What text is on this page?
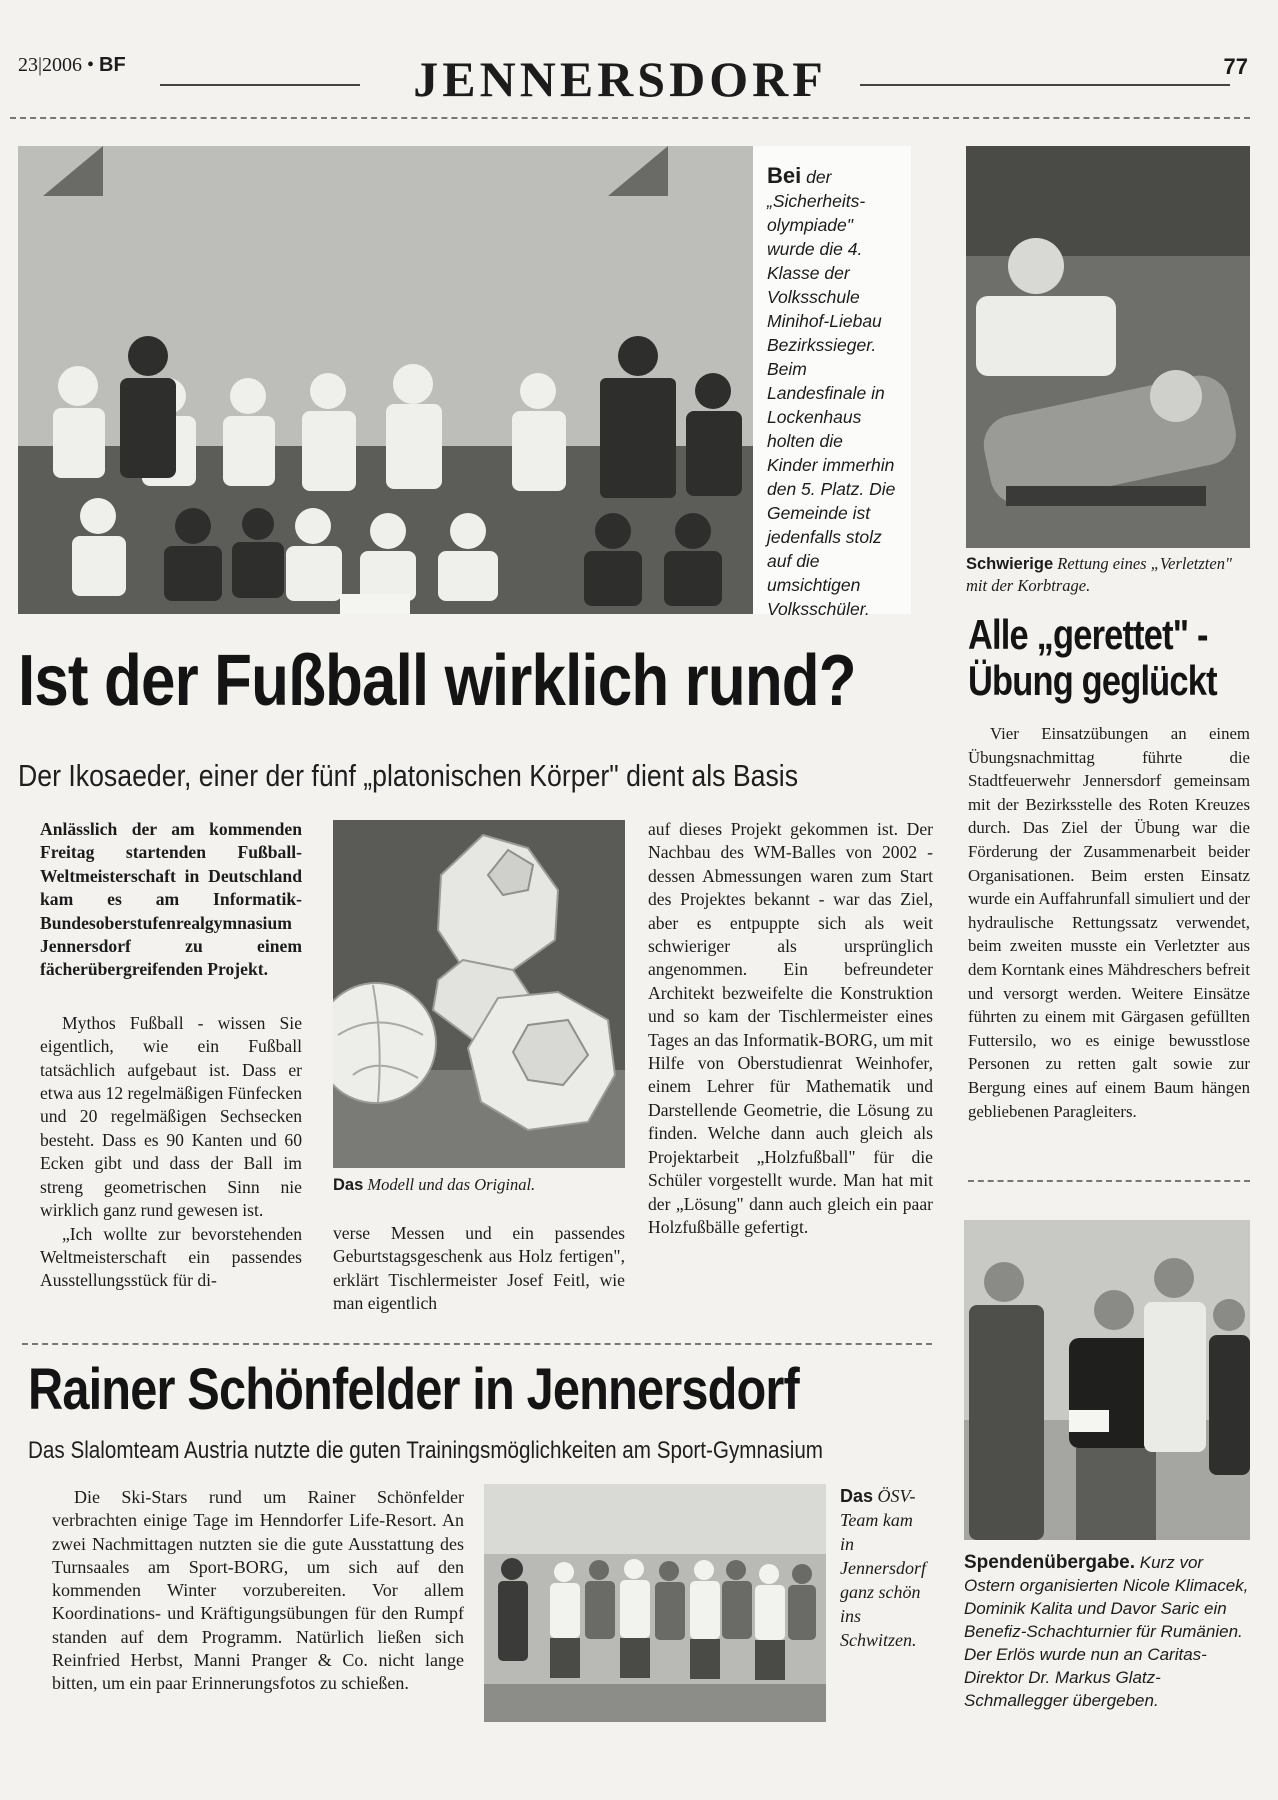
23|2006 • BF	JENNERSDORF	77
Bei der „Sicherheits-olympiade" wurde die 4. Klasse der Volksschule Minihof-Liebau Bezirkssieger. Beim Landesfinale in Lockenhaus holten die Kinder immerhin den 5. Platz. Die Gemeinde ist jedenfalls stolz auf die umsichtigen Volksschüler.
Schwierige Rettung eines „Verletzten" mit der Korbtrage.
Ist der Fußball wirklich rund?
Der Ikosaeder, einer der fünf „platonischen Körper" dient als Basis

Anlässlich der am kommenden Freitag startenden Fußball-Weltmeisterschaft in Deutschland kam es am Informatik-Bundesoberstufenrealgymnasium Jennersdorf zu einem fächerübergreifenden Projekt.

Mythos Fußball - wissen Sie eigentlich, wie ein Fußball tatsächlich aufgebaut ist. Dass er etwa aus 12 regelmäßigen Fünfecken und 20 regelmäßigen Sechsecken besteht. Dass es 90 Kanten und 60 Ecken gibt und dass der Ball im streng geometrischen Sinn nie wirklich ganz rund gewesen ist.

„Ich wollte zur bevorstehenden Weltmeisterschaft ein passendes Ausstellungsstück für di-

Das Modell und das Original.

verse Messen und ein passendes Geburtstagsgeschenk aus Holz fertigen", erklärt Tischlermeister Josef Feitl, wie man eigentlich

auf dieses Projekt gekommen ist. Der Nachbau des WM-Balles von 2002 - dessen Abmessungen waren zum Start des Projektes bekannt - war das Ziel, aber es entpuppte sich als weit schwieriger als ursprünglich angenommen. Ein befreundeter Architekt bezweifelte die Konstruktion und so kam der Tischlermeister eines Tages an das Informatik-BORG, um mit Hilfe von Oberstudienrat Weinhofer, einem Lehrer für Mathematik und Darstellende Geometrie, die Lösung zu finden. Welche dann auch gleich als Projektarbeit „Holzfußball" für die Schüler vorgestellt wurde. Man hat mit der „Lösung" dann auch gleich ein paar Holzfußbälle gefertigt.

Alle „gerettet" -
Übung geglückt

Vier Einsatzübungen an einem Übungsnachmittag führte die Stadtfeuerwehr Jennersdorf gemeinsam mit der Bezirksstelle des Roten Kreuzes durch. Das Ziel der Übung war die Förderung der Zusammenarbeit beider Organisationen. Beim ersten Einsatz wurde ein Auffahrunfall simuliert und der hydraulische Rettungssatz verwendet, beim zweiten musste ein Verletzter aus dem Korntank eines Mähdreschers befreit und versorgt werden. Weitere Einsätze führten zu einem mit Gärgasen gefüllten Futtersilo, wo es einige bewusstlose Personen zu retten galt sowie zur Bergung eines auf einem Baum hängen gebliebenen Paragleiters.

Rainer Schönfelder in Jennersdorf
Das Slalomteam Austria nutzte die guten Trainingsmöglichkeiten am Sport-Gymnasium

Die Ski-Stars rund um Rainer Schönfelder verbrachten einige Tage im Henndorfer Life-Resort. An zwei Nachmittagen nutzten sie die gute Ausstattung des Turnsaales am Sport-BORG, um sich auf den kommenden Winter vorzubereiten. Vor allem Koordinations- und Kräftigungsübungen für den Rumpf standen auf dem Programm. Natürlich ließen sich Reinfried Herbst, Manni Pranger & Co. nicht lange bitten, um ein paar Erinnerungsfotos zu schießen.

Das ÖSV-Team kam in Jennersdorf ganz schön ins Schwitzen.
Spendenübergabe. Kurz vor Ostern organisierten Nicole Klimacek, Dominik Kalita und Davor Saric ein Benefiz-Schachturnier für Rumänien. Der Erlös wurde nun an Caritas-Direktor Dr. Markus Glatz-Schmallegger übergeben.
